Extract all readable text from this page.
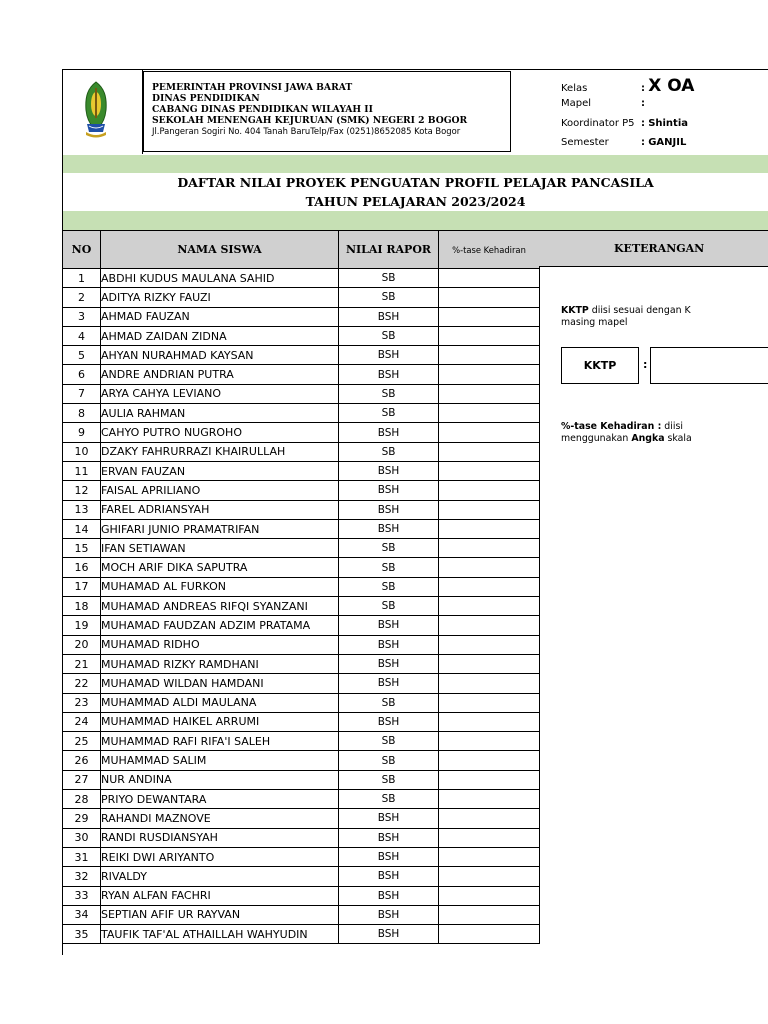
PEMERINTAH PROVINSI JAWA BARAT
DINAS PENDIDIKAN
CABANG DINAS PENDIDIKAN WILAYAH II
SEKOLAH MENENGAH KEJURUAN (SMK) NEGERI 2 BOGOR
Jl.Pangeran Sogiri No. 404 Tanah BaruTelp/Fax (0251)8652085 Kota Bogor
Kelas	: X OA
Mapel	:
Koordinator P5 : Shintia
Semester	: GANJIL
DAFTAR NILAI PROYEK PENGUATAN PROFIL PELAJAR PANCASILA
TAHUN PELAJARAN 2023/2024
NO	NAMA SISWA	NILAI RAPOR	%-tase Kehadiran
1	ABDHI KUDUS MAULANA SAHID	SB	
2	ADITYA RIZKY FAUZI	SB	
3	AHMAD FAUZAN	BSH	
4	AHMAD ZAIDAN ZIDNA	SB	
5	AHYAN NURAHMAD KAYSAN	BSH	
6	ANDRE ANDRIAN PUTRA	BSH	
7	ARYA CAHYA LEVIANO	SB	
8	AULIA RAHMAN	SB	
9	CAHYO PUTRO NUGROHO	BSH	
10	DZAKY FAHRURRAZI KHAIRULLAH	SB	
11	ERVAN FAUZAN	BSH	
12	FAISAL APRILIANO	BSH	
13	FAREL ADRIANSYAH	BSH	
14	GHIFARI JUNIO PRAMATRIFAN	BSH	
15	IFAN SETIAWAN	SB	
16	MOCH ARIF DIKA SAPUTRA	SB	
17	MUHAMAD AL FURKON	SB	
18	MUHAMAD ANDREAS RIFQI SYANZANI	SB	
19	MUHAMAD FAUDZAN ADZIM PRATAMA	BSH	
20	MUHAMAD RIDHO	BSH	
21	MUHAMAD RIZKY RAMDHANI	BSH	
22	MUHAMAD WILDAN HAMDANI	BSH	
23	MUHAMMAD ALDI MAULANA	SB	
24	MUHAMMAD HAIKEL ARRUMI	BSH	
25	MUHAMMAD RAFI RIFA'I SALEH	SB	
26	MUHAMMAD SALIM	SB	
27	NUR ANDINA	SB	
28	PRIYO DEWANTARA	SB	
29	RAHANDI MAZNOVE	BSH	
30	RANDI RUSDIANSYAH	BSH	
31	REIKI DWI ARIYANTO	BSH	
32	RIVALDY	BSH	
33	RYAN ALFAN FACHRI	BSH	
34	SEPTIAN AFIF UR RAYVAN	BSH	
35	TAUFIK TAF'AL ATHAILLAH WAHYUDIN	BSH	
KETERANGAN
KKTP diisi sesuai dengan K
masing mapel
KKTP	:
%-tase Kehadiran : diisi
menggunakan Angka skala
